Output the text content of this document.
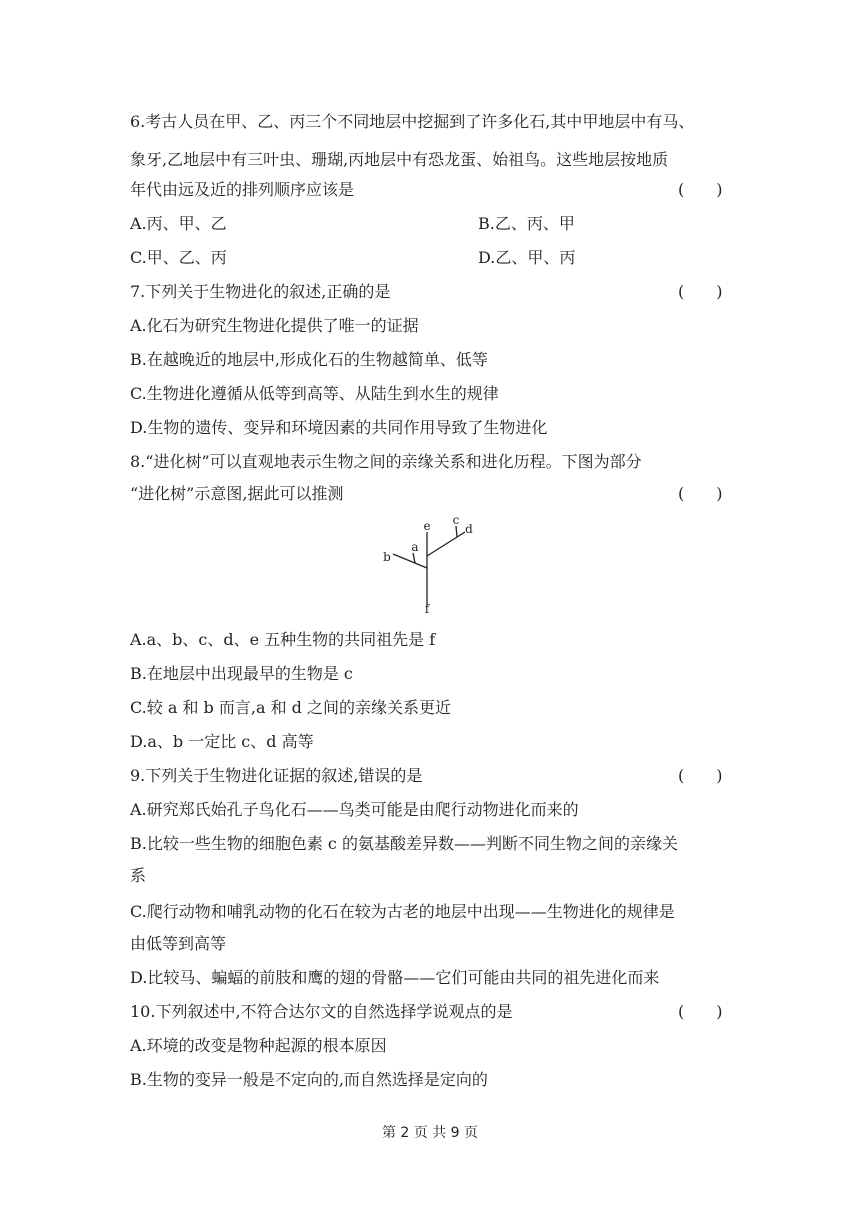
6.考古人员在甲、乙、丙三个不同地层中挖掘到了许多化石,其中甲地层中有马、
象牙,乙地层中有三叶虫、珊瑚,丙地层中有恐龙蛋、始祖鸟。这些地层按地质
年代由远及近的排列顺序应该是	(　　)
A.丙、甲、乙	B.乙、丙、甲
C.甲、乙、丙	D.乙、甲、丙
7.下列关于生物进化的叙述,正确的是	(　　)
A.化石为研究生物进化提供了唯一的证据
B.在越晚近的地层中,形成化石的生物越简单、低等
C.生物进化遵循从低等到高等、从陆生到水生的规律
D.生物的遗传、变异和环境因素的共同作用导致了生物进化
8.“进化树”可以直观地表示生物之间的亲缘关系和进化历程。下图为部分
“进化树”示意图,据此可以推测	(　　)
e c
d
a
b
f
A.a、b、c、d、e 五种生物的共同祖先是 f
B.在地层中出现最早的生物是 c
C.较 a 和 b 而言,a 和 d 之间的亲缘关系更近
D.a、b 一定比 c、d 高等
9.下列关于生物进化证据的叙述,错误的是	(　　)
A.研究郑氏始孔子鸟化石——鸟类可能是由爬行动物进化而来的
B.比较一些生物的细胞色素 c 的氨基酸差异数——判断不同生物之间的亲缘关
系
C.爬行动物和哺乳动物的化石在较为古老的地层中出现——生物进化的规律是
由低等到高等
D.比较马、蝙蝠的前肢和鹰的翅的骨骼——它们可能由共同的祖先进化而来
10.下列叙述中,不符合达尔文的自然选择学说观点的是	(　　)
A.环境的改变是物种起源的根本原因
B.生物的变异一般是不定向的,而自然选择是定向的
第 2 页 共 9 页
